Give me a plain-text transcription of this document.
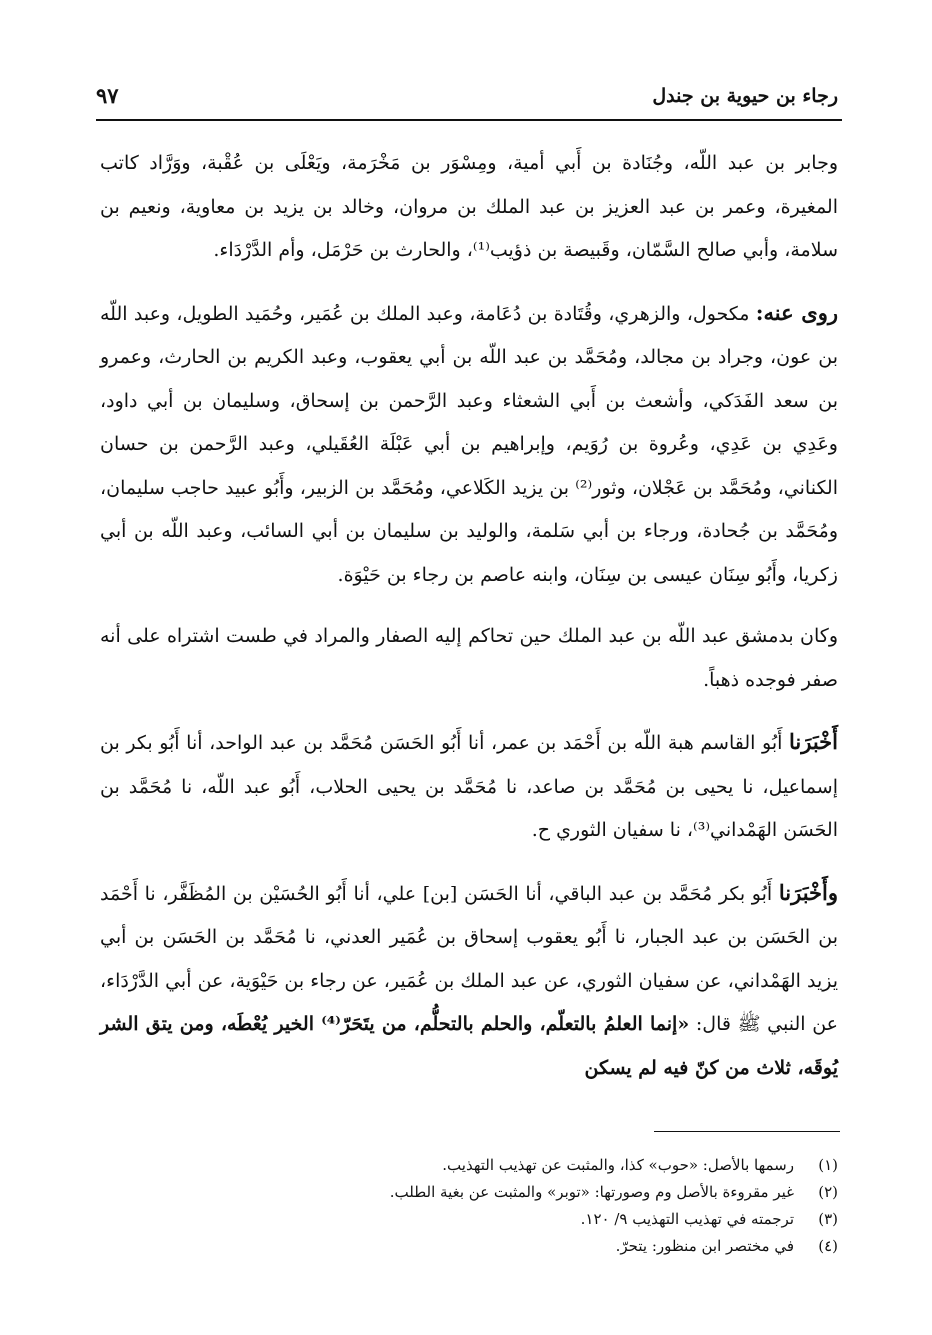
رجاء بن حيوية بن جندل
٩٧

وجابر بن عبد اللّه، وجُنَادة بن أَبي أمية، ومِسْوَر بن مَخْرَمة، ويَعْلَى بن عُقْبة، ووَرَّاد كاتب المغيرة، وعمر بن عبد العزيز بن عبد الملك بن مروان، وخالد بن يزيد بن معاوية، ونعيم بن سلامة، وأبي صالح السَّمّان، وقَبيصة بن ذؤيب⁽¹⁾، والحارث بن حَرْمَل، وأم الدَّرْدَاء.

روى عنه: مكحول، والزهري، وقُتَادة بن دُعَامة، وعبد الملك بن عُمَير، وحُمَيد الطويل، وعبد اللّه بن عون، وجراد بن مجالد، ومُحَمَّد بن عبد اللّه بن أبي يعقوب، وعبد الكريم بن الحارث، وعمرو بن سعد الفَدَكي، وأشعث بن أَبي الشعثاء وعبد الرَّحمن بن إسحاق، وسليمان بن أبي داود، وعَدِي بن عَدِي، وعُروة بن رُوَيم، وإبراهيم بن أبي عَبْلَة العُقَيلي، وعبد الرَّحمن بن حسان الكناني، ومُحَمَّد بن عَجْلان، وثور⁽²⁾ بن يزيد الكَلاعي، ومُحَمَّد بن الزبير، وأَبُو عبيد حاجب سليمان، ومُحَمَّد بن جُحادة، ورجاء بن أبي سَلمة، والوليد بن سليمان بن أبي السائب، وعبد اللّه بن أبي زكريا، وأَبُو سِنَان عيسى بن سِنَان، وابنه عاصم بن رجاء بن حَيْوَة.

وكان بدمشق عبد اللّه بن عبد الملك حين تحاكم إليه الصفار والمراد في طست اشتراه على أنه صفر فوجده ذهباً.

أَخْبَرَنا أَبُو القاسم هبة اللّه بن أَحْمَد بن عمر، أنا أَبُو الحَسَن مُحَمَّد بن عبد الواحد، أنا أَبُو بكر بن إسماعيل، نا يحيى بن مُحَمَّد بن صاعد، نا مُحَمَّد بن يحيى الحلاب، أَبُو عبد اللّه، نا مُحَمَّد بن الحَسَن الهَمْداني⁽³⁾، نا سفيان الثوري ح.

وأَخْبَرَنا أَبُو بكر مُحَمَّد بن عبد الباقي، أنا الحَسَن [بن] علي، أنا أَبُو الحُسَيْن بن المُظَفَّر، نا أَحْمَد بن الحَسَن بن عبد الجبار، نا أَبُو يعقوب إسحاق بن عُمَير العدني، نا مُحَمَّد بن الحَسَن بن أبي يزيد الهَمْداني، عن سفيان الثوري، عن عبد الملك بن عُمَير، عن رجاء بن حَيْوَية، عن أبي الدَّرْدَاء، عن النبي ﷺ قال: «إنما العلمُ بالتعلّم، والحلم بالتحلُّم، من يتَحَرّ⁽⁴⁾ الخير يُعْطَه، ومن يتق الشر يُوقَه، ثلاث من كنّ فيه لم يسكن

(١)
رسمها بالأصل: «حوب» كذا، والمثبت عن تهذيب التهذيب.
(٢)
غير مقروءة بالأصل وم وصورتها: «توبر» والمثبت عن بغية الطلب.
(٣)
ترجمته في تهذيب التهذيب ٩/ ١٢٠.
(٤)
في مختصر ابن منظور: يتحرّ.
